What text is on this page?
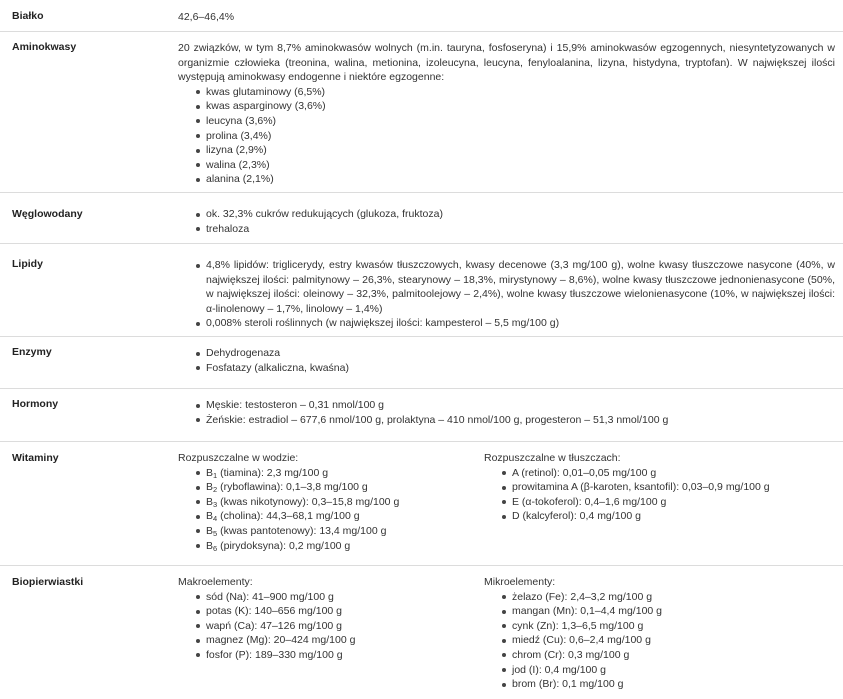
Białko	42,6–46,4%
Aminokwasy	20 związków, w tym 8,7% aminokwasów wolnych (m.in. tauryna, fosfoseryna) i 15,9% aminokwasów egzogennych, niesyntetyzowanych w organizmie człowieka (treonina, walina, metionina, izoleucyna, leucyna, fenyloalanina, lizyna, histydyna, tryptofan). W największej ilości występują aminokwasy endogenne i niektóre egzogenne:

kwas glutaminowy (6,5%)
kwas asparginowy (3,6%)
leucyna (3,6%)
prolina (3,4%)
lizyna (2,9%)
walina (2,3%)
alanina (2,1%)
Węglowodany	ok. 32,3% cukrów redukujących (glukoza, fruktoza)
trehaloza
Lipidy	4,8% lipidów: triglicerydy, estry kwasów tłuszczowych, kwasy decenowe (3,3 mg/100 g), wolne kwasy tłuszczowe nasycone (40%, w największej ilości: palmitynowy – 26,3%, stearynowy – 18,3%, mirystynowy – 8,6%), wolne kwasy tłuszczowe jednonienasycone (50%, w największej ilości: oleinowy – 32,3%, palmitoolejowy – 2,4%), wolne kwasy tłuszczowe wielonienasycone (10%, w największej ilości: α-linolenowy – 1,7%, linolowy – 1,4%)
0,008% steroli roślinnych (w największej ilości: kampesterol – 5,5 mg/100 g)
Enzymy	Dehydrogenaza
Fosfatazy (alkaliczna, kwaśna)
Hormony	Męskie: testosteron – 0,31 nmol/100 g
Żeńskie: estradiol – 677,6 nmol/100 g, prolaktyna – 410 nmol/100 g, progesteron – 51,3 nmol/100 g
Witaminy	Rozpuszczalne w wodzie:
$B_1$ (tiamina): 2,3 mg/100 g
$B_2$ (ryboflawina): 0,1–3,8 mg/100 g
$B_3$ (kwas nikotynowy): 0,3–15,8 mg/100 g
$B_4$ (cholina): 44,3–68,1 mg/100 g
$B_5$ (kwas pantotenowy): 13,4 mg/100 g
$B_6$ (pirydoksyna): 0,2 mg/100 g
Rozpuszczalne w tłuszczach:
A (retinol): 0,01–0,05 mg/100 g
prowitamina A (β-karoten, ksantofil): 0,03–0,9 mg/100 g
E (α-tokoferol): 0,4–1,6 mg/100 g
D (kalcyferol): 0,4 mg/100 g
Biopierwiastki	Makroelementy:
sód (Na): 41–900 mg/100 g
potas (K): 140–656 mg/100 g
wapń (Ca): 47–126 mg/100 g
magnez (Mg): 20–424 mg/100 g
fosfor (P): 189–330 mg/100 g
Mikroelementy:
żelazo (Fe): 2,4–3,2 mg/100 g
mangan (Mn): 0,1–4,4 mg/100 g
cynk (Zn): 1,3–6,5 mg/100 g
miedź (Cu): 0,6–2,4 mg/100 g
chrom (Cr): 0,3 mg/100 g
jod (I): 0,4 mg/100 g
brom (Br): 0,1 mg/100 g
